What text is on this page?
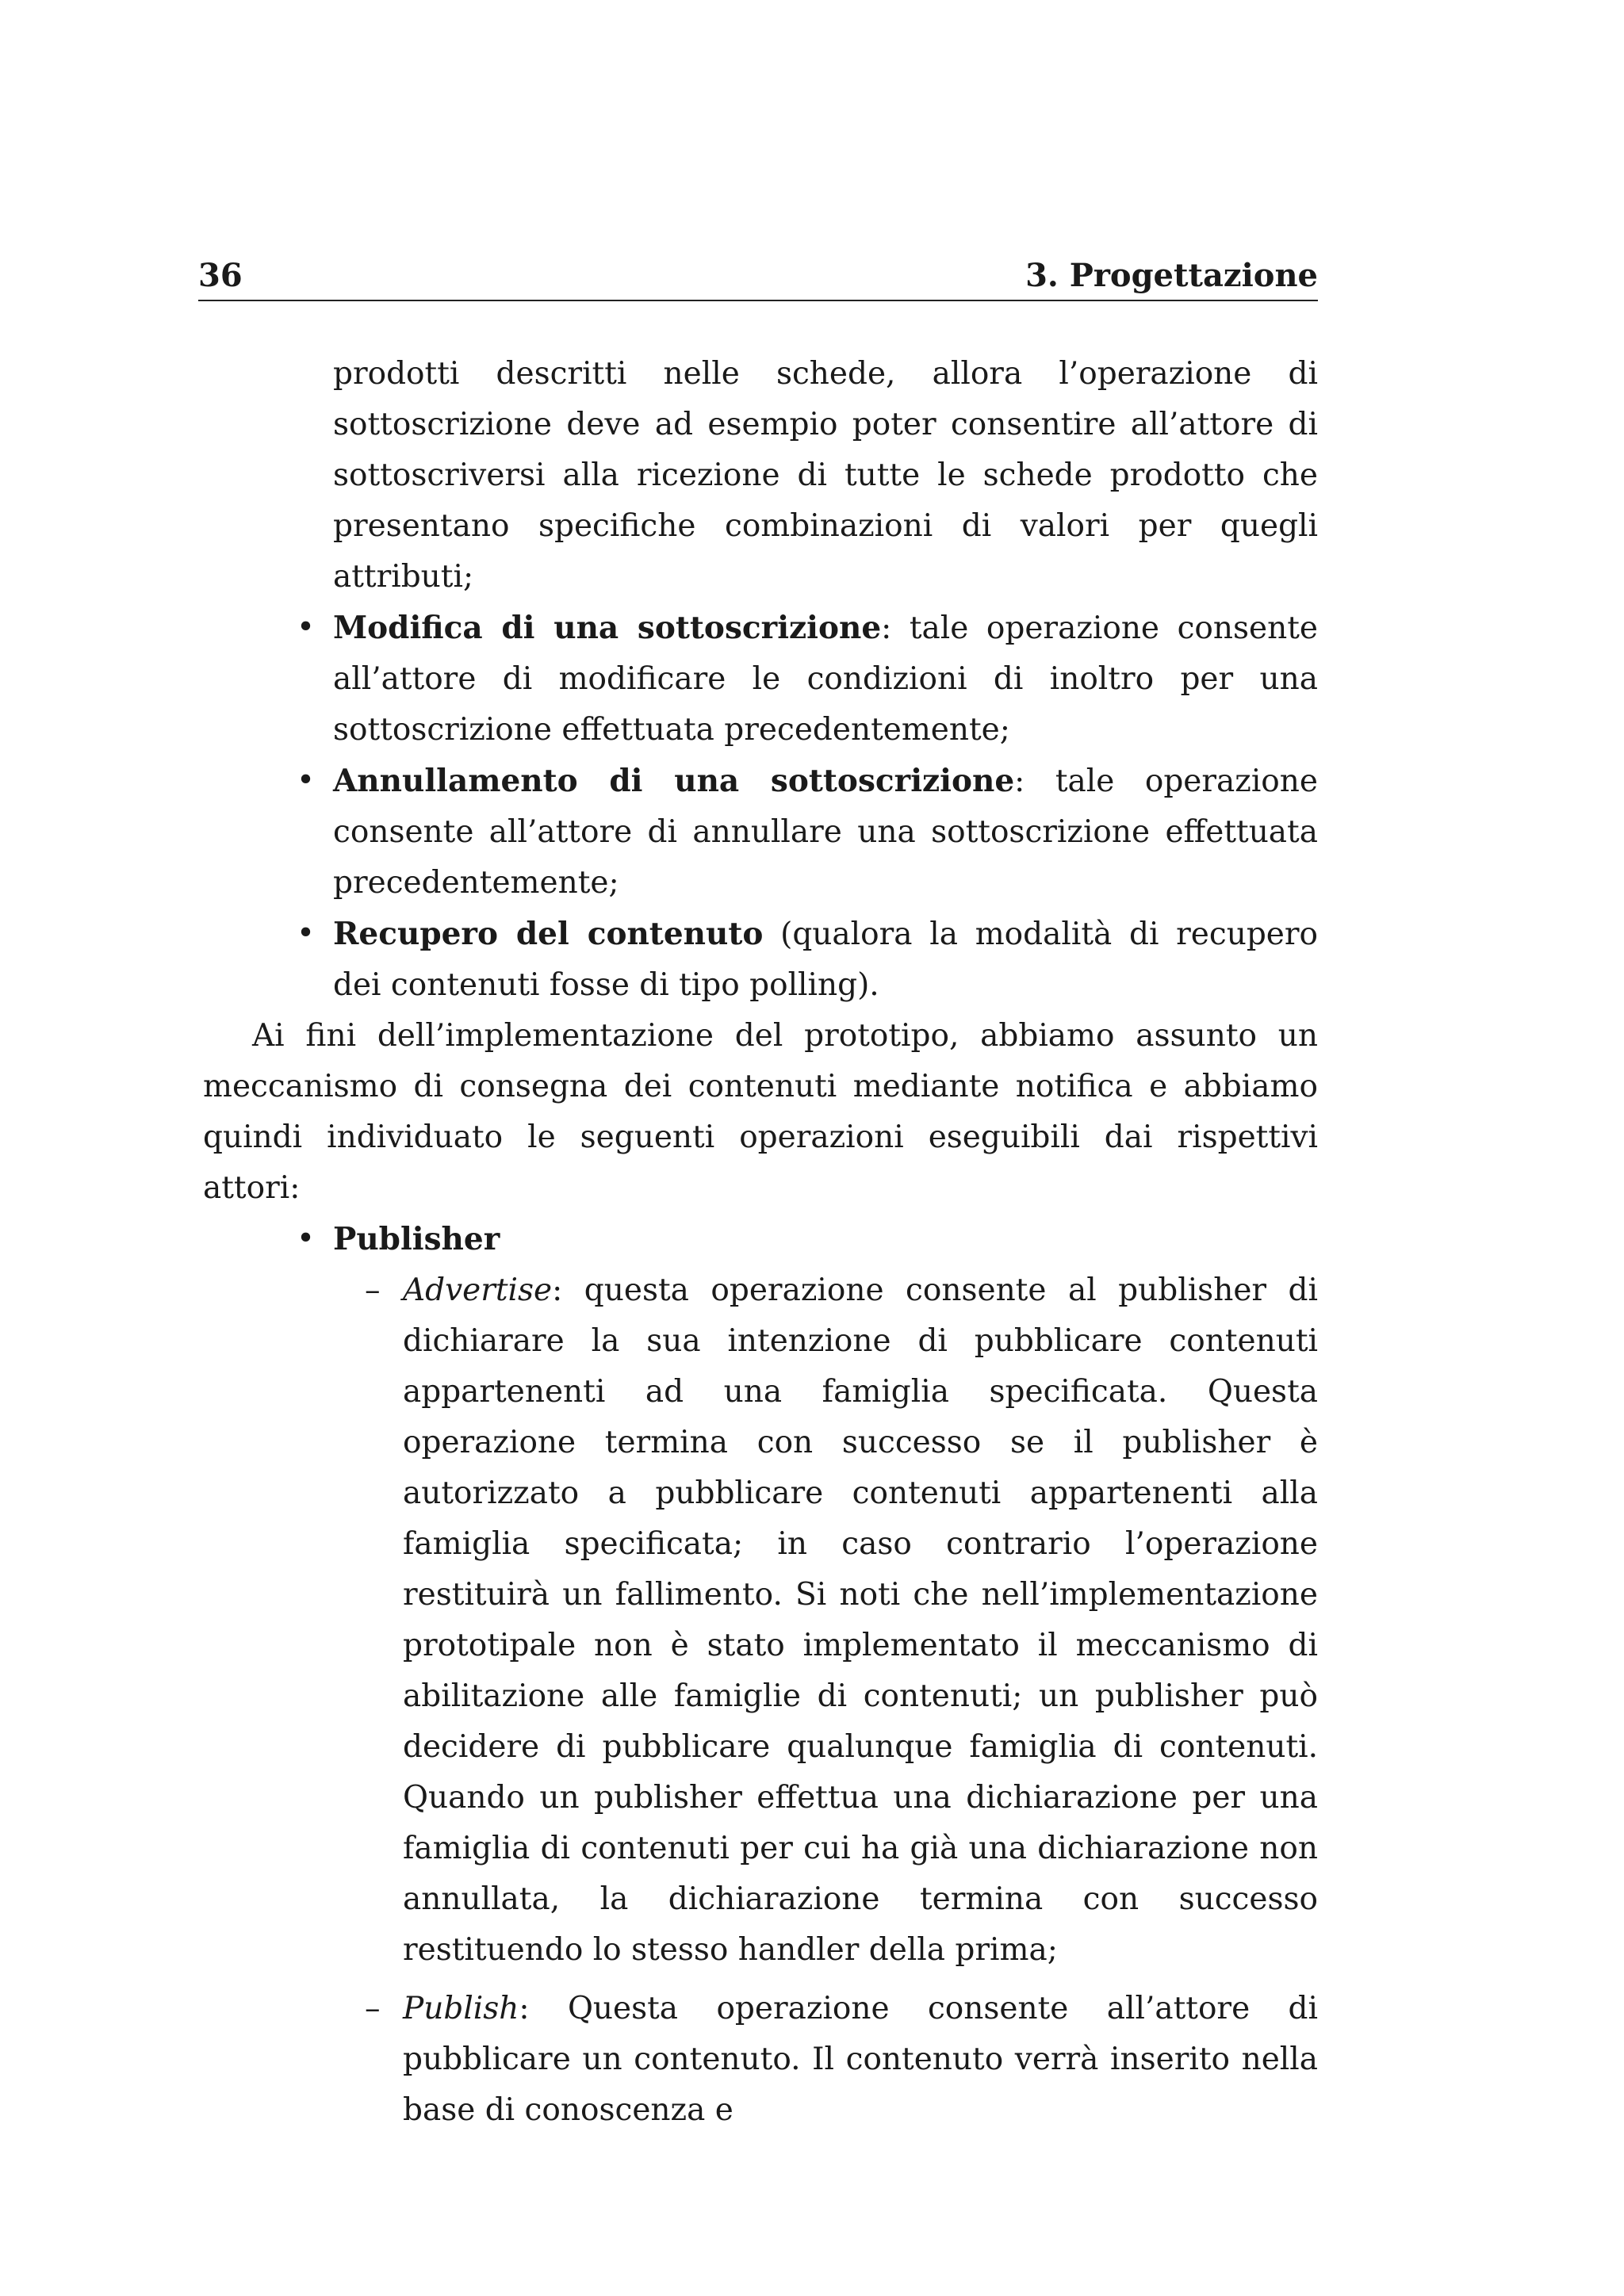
36	3. Progettazione

prodotti descritti nelle schede, allora l’operazione di sottoscrizione deve ad esempio poter consentire all’attore di sottoscriversi alla ricezione di tutte le schede prodotto che presentano specifiche combinazioni di valori per quegli attributi;

• Modifica di una sottoscrizione: tale operazione consente all’attore di modificare le condizioni di inoltro per una sottoscrizione effettuata precedentemente;

• Annullamento di una sottoscrizione: tale operazione consente all’attore di annullare una sottoscrizione effettuata precedentemente;

• Recupero del contenuto (qualora la modalità di recupero dei contenuti fosse di tipo polling).

Ai fini dell’implementazione del prototipo, abbiamo assunto un meccanismo di consegna dei contenuti mediante notifica e abbiamo quindi individuato le seguenti operazioni eseguibili dai rispettivi attori:

• Publisher

– Advertise: questa operazione consente al publisher di dichiarare la sua intenzione di pubblicare contenuti appartenenti ad una famiglia specificata. Questa operazione termina con successo se il publisher è autorizzato a pubblicare contenuti appartenenti alla famiglia specificata; in caso contrario l’operazione restituirà un fallimento. Si noti che nell’implementazione prototipale non è stato implementato il meccanismo di abilitazione alle famiglie di contenuti; un publisher può decidere di pubblicare qualunque famiglia di contenuti. Quando un publisher effettua una dichiarazione per una famiglia di contenuti per cui ha già una dichiarazione non annullata, la dichiarazione termina con successo restituendo lo stesso handler della prima;

– Publish: Questa operazione consente all’attore di pubblicare un contenuto. Il contenuto verrà inserito nella base di conoscenza e
